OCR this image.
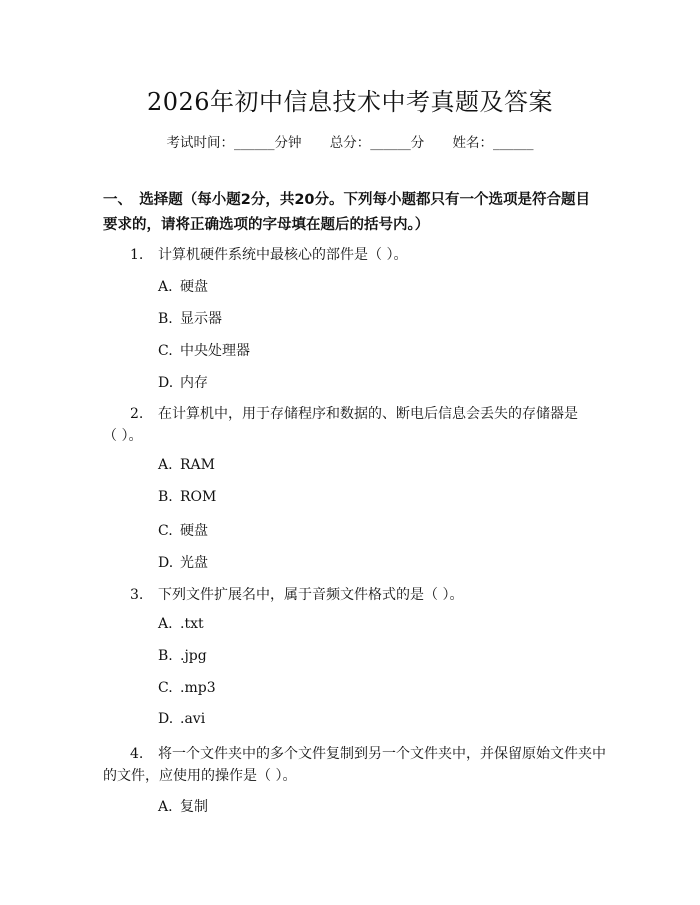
2026年初中信息技术中考真题及答案
考试时间：______分钟 总分：______分 姓名：______
一、　选择题（每小题2分，共20分。下列每小题都只有一个选项是符合题目要求的，请将正确选项的字母填在题后的括号内。）
1. 计算机硬件系统中最核心的部件是（ ）。
A. 硬盘
B. 显示器
C. 中央处理器
D. 内存
2. 在计算机中，用于存储程序和数据的、断电后信息会丢失的存储器是
（ ）。
A. RAM
B. ROM
C. 硬盘
D. 光盘
3. 下列文件扩展名中，属于音频文件格式的是（ ）。
A. .txt
B. .jpg
C. .mp3
D. .avi
4. 将一个文件夹中的多个文件复制到另一个文件夹中，并保留原始文件夹中
的文件，应使用的操作是（ ）。
A. 复制
